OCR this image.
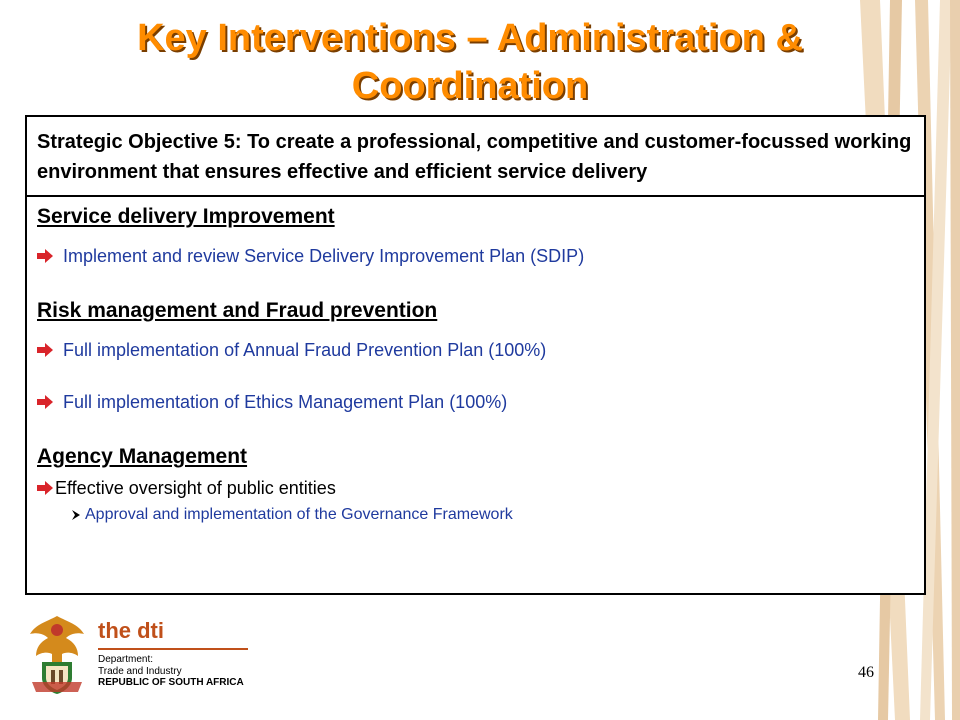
Key Interventions – Administration &
Coordination
Strategic Objective 5: To create a professional, competitive and customer-focussed working environment that ensures effective and efficient service delivery
Service delivery Improvement
Implement and review Service Delivery Improvement Plan (SDIP)
Risk management and Fraud prevention
Full implementation of Annual Fraud Prevention Plan (100%)
Full implementation of Ethics Management Plan (100%)
Agency Management
Effective oversight of public entities
Approval and implementation of the Governance Framework
the dti
Department:
Trade and Industry
REPUBLIC OF SOUTH AFRICA
46
